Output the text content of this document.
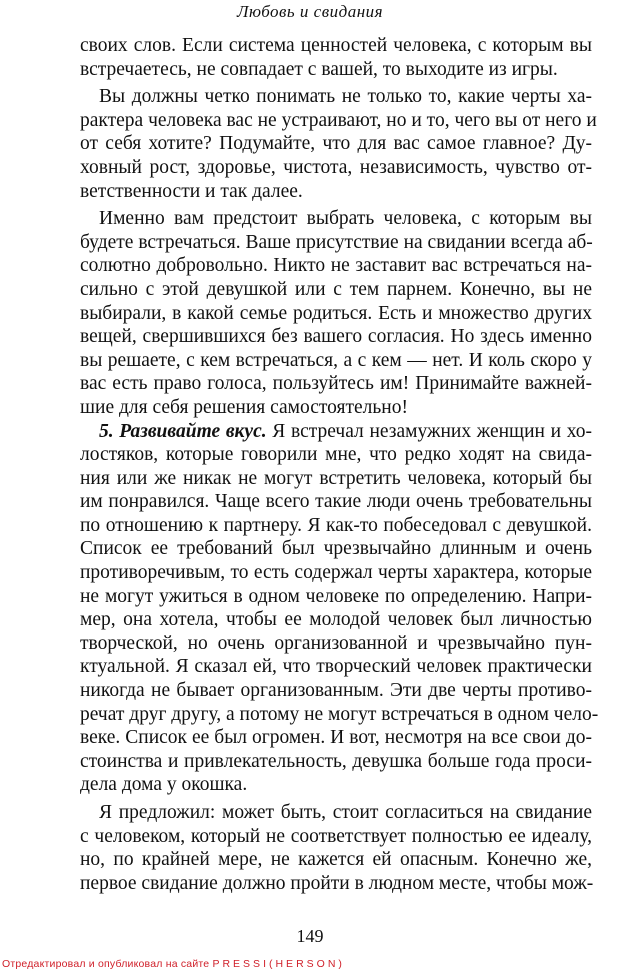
Любовь и свидания
своих слов. Если система ценностей человека, с которым вы
встречаетесь, не совпадает с вашей, то выходите из игры.
Вы должны четко понимать не только то, какие черты ха-
рактера человека вас не устраивают, но и то, чего вы от него и
от себя хотите? Подумайте, что для вас самое главное? Ду-
ховный рост, здоровье, чистота, независимость, чувство от-
ветственности и так далее.
Именно вам предстоит выбрать человека, с которым вы
будете встречаться. Ваше присутствие на свидании всегда аб-
солютно добровольно. Никто не заставит вас встречаться на-
сильно с этой девушкой или с тем парнем. Конечно, вы не
выбирали, в какой семье родиться. Есть и множество других
вещей, свершившихся без вашего согласия. Но здесь именно
вы решаете, с кем встречаться, а с кем — нет. И коль скоро у
вас есть право голоса, пользуйтесь им! Принимайте важней-
шие для себя решения самостоятельно!
5. Развивайте вкус. Я встречал незамужних женщин и хо-
лостяков, которые говорили мне, что редко ходят на свида-
ния или же никак не могут встретить человека, который бы
им понравился. Чаще всего такие люди очень требовательны
по отношению к партнеру. Я как-то побеседовал с девушкой.
Список ее требований был чрезвычайно длинным и очень
противоречивым, то есть содержал черты характера, которые
не могут ужиться в одном человеке по определению. Напри-
мер, она хотела, чтобы ее молодой человек был личностью
творческой, но очень организованной и чрезвычайно пун-
ктуальной. Я сказал ей, что творческий человек практически
никогда не бывает организованным. Эти две черты противо-
речат друг другу, а потому не могут встречаться в одном чело-
веке. Список ее был огромен. И вот, несмотря на все свои до-
стоинства и привлекательность, девушка больше года проси-
дела дома у окошка.
Я предложил: может быть, стоит согласиться на свидание
с человеком, который не соответствует полностью ее идеалу,
но, по крайней мере, не кажется ей опасным. Конечно же,
первое свидание должно пройти в людном месте, чтобы мож-
149
Отредактировал и опубликовал на сайте PRESSI(HERSON)
